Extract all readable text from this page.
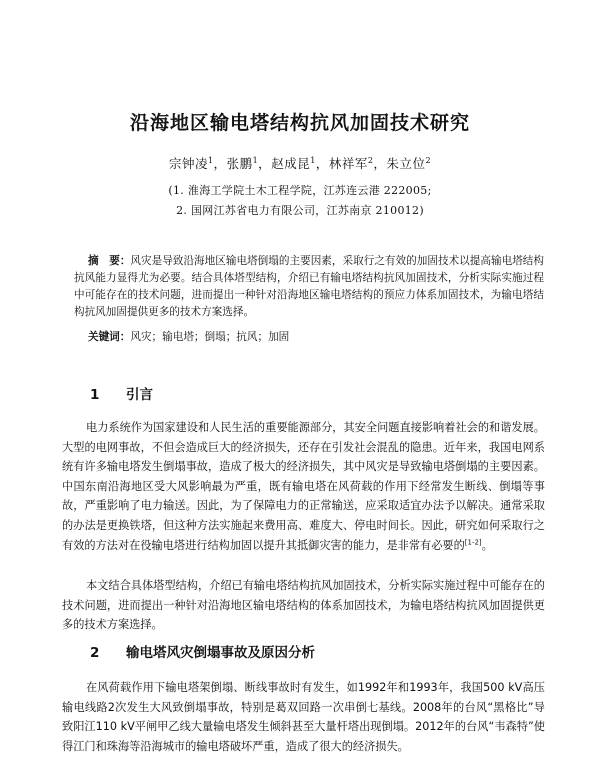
沿海地区输电塔结构抗风加固技术研究
宗钟凌$^1$，张鹏$^1$，赵成昆$^1$，林祥军$^2$，朱立位$^2$
(1. 淮海工学院土木工程学院，江苏连云港 222005;
2. 国网江苏省电力有限公司，江苏南京 210012)
摘　要：风灾是导致沿海地区输电塔倒塌的主要因素，采取行之有效的加固技术以提高输电塔结构抗风能力显得尤为必要。结合具体塔型结构，介绍已有输电塔结构抗风加固技术，分析实际实施过程中可能存在的技术问题，进而提出一种针对沿海地区输电塔结构的预应力体系加固技术，为输电塔结构抗风加固提供更多的技术方案选择。
关键词：风灾；输电塔；倒塌；抗风；加固
1 引言
电力系统作为国家建设和人民生活的重要能源部分，其安全问题直接影响着社会的和谐发展。大型的电网事故，不但会造成巨大的经济损失，还存在引发社会混乱的隐患。近年来，我国电网系统有许多输电塔发生倒塌事故，造成了极大的经济损失，其中风灾是导致输电塔倒塌的主要因素。中国东南沿海地区受大风影响最为严重，既有输电塔在风荷载的作用下经常发生断线、倒塌等事故，严重影响了电力输送。因此，为了保障电力的正常输送，应采取适宜办法予以解决。通常采取的办法是更换铁塔，但这种方法实施起来费用高、难度大、停电时间长。因此，研究如何采取行之有效的方法对在役输电塔进行结构加固以提升其抵御灾害的能力，是非常有必要的[1-2]。
本文结合具体塔型结构，介绍已有输电塔结构抗风加固技术，分析实际实施过程中可能存在的技术问题，进而提出一种针对沿海地区输电塔结构的体系加固技术，为输电塔结构抗风加固提供更多的技术方案选择。
2 输电塔风灾倒塌事故及原因分析
在风荷载作用下输电塔架倒塌、断线事故时有发生，如1992年和1993年，我国500 kV高压输电线路2次发生大风致倒塌事故，特别是葛双回路一次串倒七基线。2008年的台风“黑格比”导致阳江110 kV平闸甲乙线大量输电塔发生倾斜甚至大量杆塔出现倒塌。2012年的台风“韦森特”使得江门和珠海等沿海城市的输电塔破坏严重，造成了很大的经济损失。
